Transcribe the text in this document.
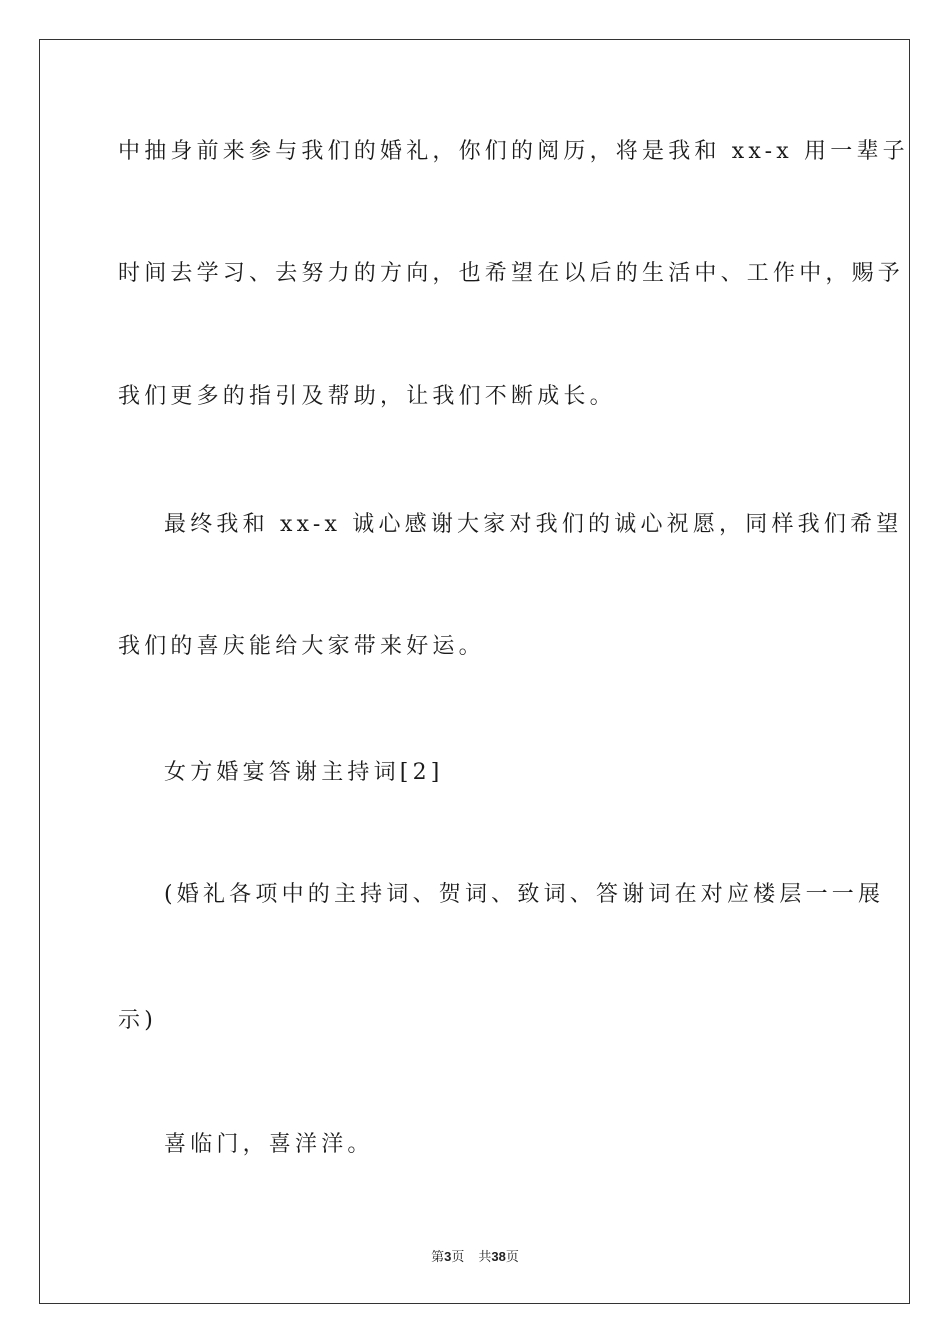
中抽身前来参与我们的婚礼，你们的阅历，将是我和 xx-x 用一辈子
时间去学习、去努力的方向，也希望在以后的生活中、工作中，赐予
我们更多的指引及帮助，让我们不断成长。
最终我和 xx-x 诚心感谢大家对我们的诚心祝愿，同样我们希望
我们的喜庆能给大家带来好运。
女方婚宴答谢主持词[2]
(婚礼各项中的主持词、贺词、致词、答谢词在对应楼层一一展
示)
喜临门，喜洋洋。
第3页 共38页
